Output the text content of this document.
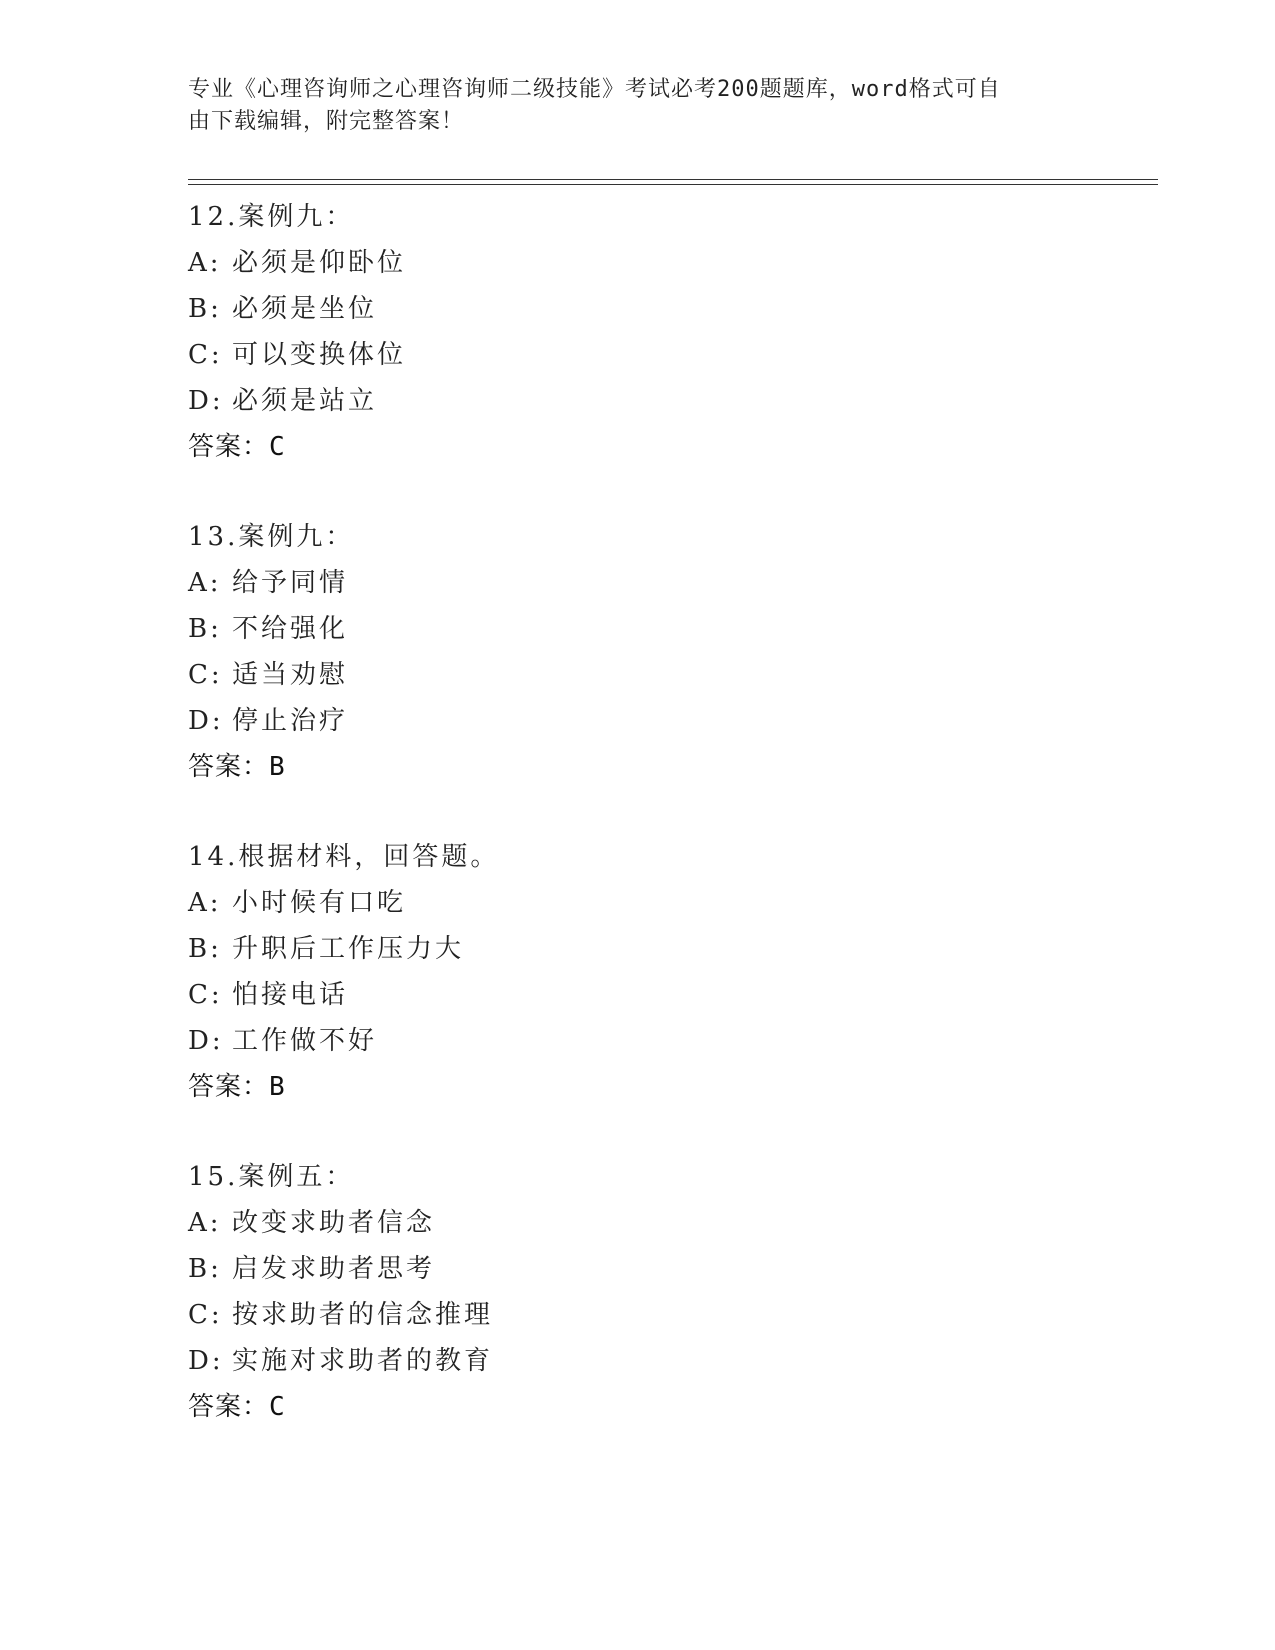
专业《心理咨询师之心理咨询师二级技能》考试必考200题题库，word格式可自
由下载编辑，附完整答案！
12.案例九：
A: 必须是仰卧位
B: 必须是坐位
C: 可以变换体位
D: 必须是站立
答案：C
13.案例九：
A: 给予同情
B: 不给强化
C: 适当劝慰
D: 停止治疗
答案：B
14.根据材料，回答题。
A: 小时候有口吃
B: 升职后工作压力大
C: 怕接电话
D: 工作做不好
答案：B
15.案例五：
A: 改变求助者信念
B: 启发求助者思考
C: 按求助者的信念推理
D: 实施对求助者的教育
答案：C
